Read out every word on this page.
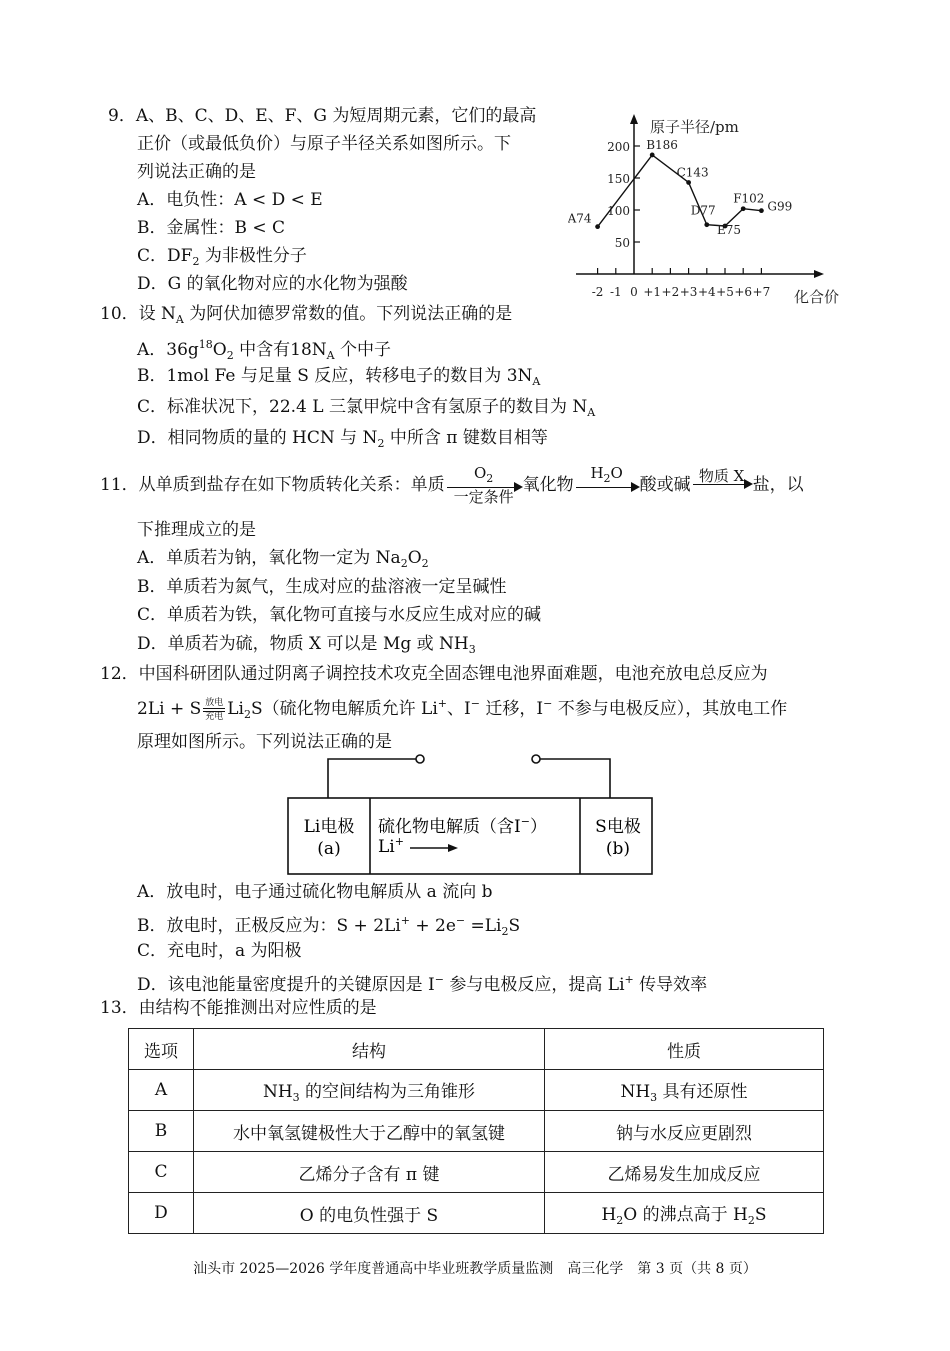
9．A、B、C、D、E、F、G 为短周期元素，它们的最高
正价（或最低负价）与原子半径关系如图所示。下
列说法正确的是
A．电负性：A < D < E
B．金属性：B < C
C．$DF_2$ 为非极性分子
D．G 的氧化物对应的水化物为强酸
原子半径/pm
化合价
-2 -1 0 +1 +2 +3 +4 +5 +6 +7
50
100
150
200
A74
B186
C143
D77
E75
F102
G99
10．设 $N_A$ 为阿伏加德罗常数的值。下列说法正确的是
A．$36g^{18}O_2$ 中含有$18N_A$ 个中子
B．1mol Fe 与足量 S 反应，转移电子的数目为 $3N_A$
C．标准状况下，22.4 L 三氯甲烷中含有氢原子的数目为 $N_A$
D．相同物质的量的 HCN 与 $N_2$ 中所含 π 键数目相等
11．从单质到盐存在如下物质转化关系：单质
$O_2$
一定条件
氧化物
$H_2O$
酸或碱 物质 X 盐，以
下推理成立的是
A．单质若为钠，氧化物一定为 $Na_2O_2$
B．单质若为氮气，生成对应的盐溶液一定呈碱性
C．单质若为铁，氧化物可直接与水反应生成对应的碱
D．单质若为硫，物质 X 可以是 Mg 或 $NH_3$
12．中国科研团队通过阴离子调控技术攻克全固态锂电池界面难题，电池充放电总反应为
2Li + S 放电
充电 $Li_2S$（硫化物电解质允许 Li+、I− 迁移，I− 不参与电极反应），其放电工作
原理如图所示。下列说法正确的是
Li电极
(a)
硫化物电解质（含I−）
Li+
S电极
(b)
A．放电时，电子通过硫化物电解质从 a 流向 b
B．放电时，正极反应为：$S + 2Li^+ + 2e^- =Li_2S$
C．充电时，a 为阳极
D．该电池能量密度提升的关键原因是 I− 参与电极反应，提高 Li+ 传导效率
13．由结构不能推测出对应性质的是
选项	结构	性质
A	$NH_3$ 的空间结构为三角锥形	$NH_3$ 具有还原性
B	水中氧氢键极性大于乙醇中的氧氢键	钠与水反应更剧烈
C	乙烯分子含有 π 键	乙烯易发生加成反应
D	O 的电负性强于 S	$H_2O$ 的沸点高于 $H_2S$
汕头市 2025—2026 学年度普通高中毕业班教学质量监测　高三化学　第 3 页（共 8 页）
